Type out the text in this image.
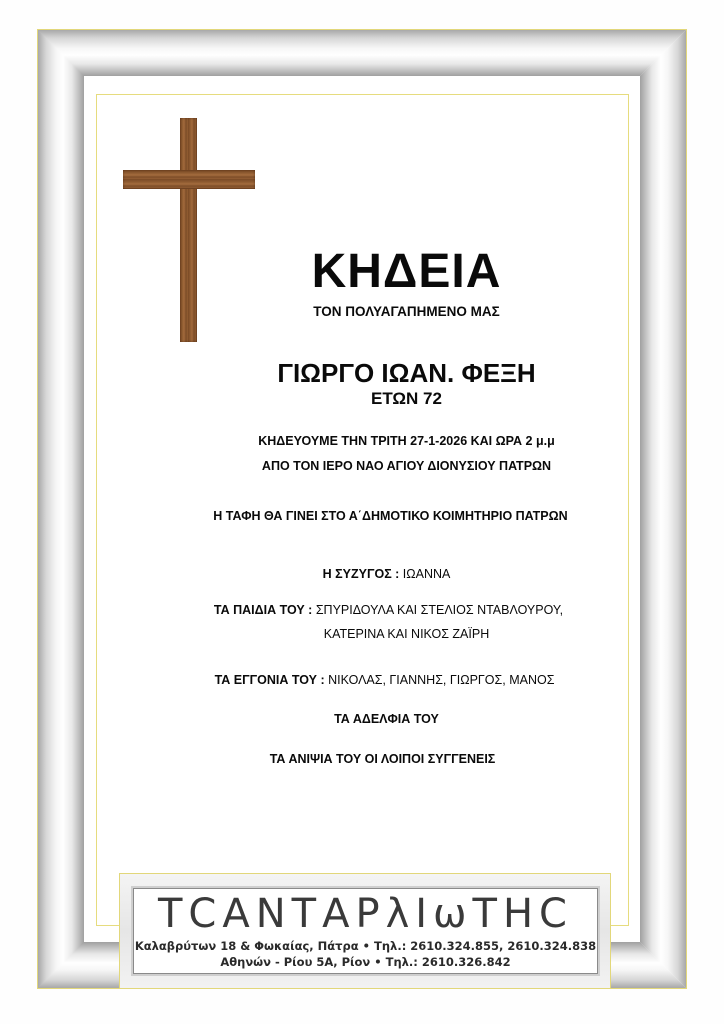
ΚΗΔΕΙΑ
ΤΟΝ ΠΟΛΥΑΓΑΠΗΜΕΝΟ ΜΑΣ
ΓΙΩΡΓΟ ΙΩΑΝ. ΦΕΞΗ
ΕΤΩΝ 72
ΚΗΔΕΥΟΥΜΕ ΤΗΝ ΤΡΙΤΗ 27-1-2026 ΚΑΙ ΩΡΑ 2 μ.μ
ΑΠΟ ΤΟΝ ΙΕΡΟ ΝΑΟ ΑΓΙΟΥ ΔΙΟΝΥΣΙΟΥ ΠΑΤΡΩΝ
Η ΤΑΦΗ ΘΑ ΓΙΝΕΙ ΣΤΟ Α΄ΔΗΜΟΤΙΚΟ ΚΟΙΜΗΤΗΡΙΟ ΠΑΤΡΩΝ
Η ΣΥΖΥΓΟΣ : ΙΩΑΝΝΑ
ΤΑ ΠΑΙΔΙΑ ΤΟΥ : ΣΠΥΡΙΔΟΥΛΑ ΚΑΙ ΣΤΕΛΙΟΣ ΝΤΑΒΛΟΥΡΟΥ,
ΚΑΤΕΡΙΝΑ ΚΑΙ ΝΙΚΟΣ ΖΑΪΡΗ
ΤΑ ΕΓΓΟΝΙΑ ΤΟΥ : ΝΙΚΟΛΑΣ, ΓΙΑΝΝΗΣ, ΓΙΩΡΓΟΣ, ΜΑΝΟΣ
ΤΑ ΑΔΕΛΦΙΑ ΤΟΥ
ΤΑ ΑΝΙΨΙΑ ΤΟΥ ΟΙ ΛΟΙΠΟΙ ΣΥΓΓΕΝΕΙΣ
ΤCΑΝΤΑΡλΙωΤΗC
Καλαβρύτων 18 & Φωκαίας, Πάτρα • Τηλ.: 2610.324.855, 2610.324.838
Αθηνών - Ρίου 5Α, Ρίον • Τηλ.: 2610.326.842
